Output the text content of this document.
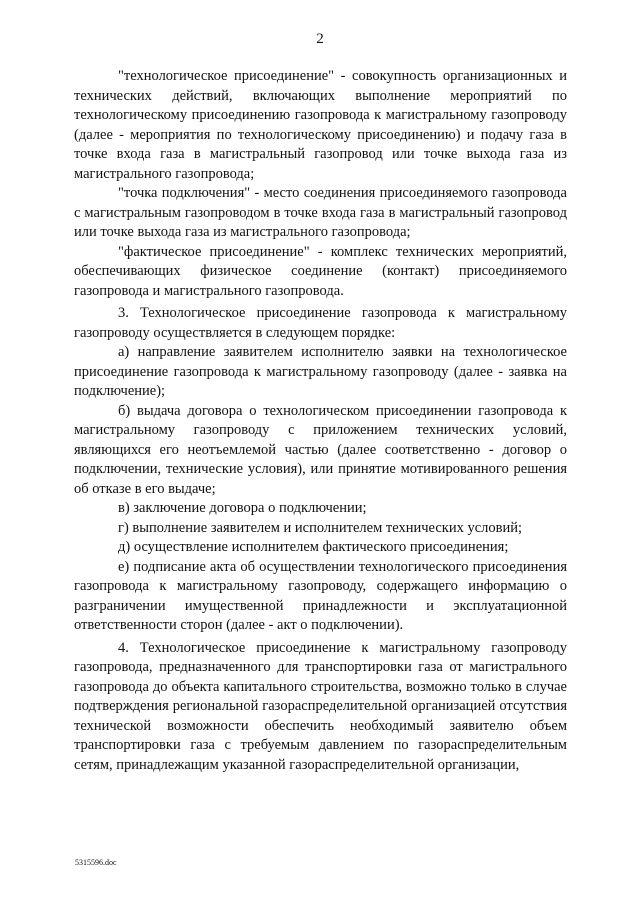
2

"технологическое присоединение" - совокупность организационных и технических действий, включающих выполнение мероприятий по технологическому присоединению газопровода к магистральному газопроводу (далее - мероприятия по технологическому присоединению) и подачу газа в точке входа газа в магистральный газопровод или точке выхода газа из магистрального газопровода;

"точка подключения" - место соединения присоединяемого газопровода с магистральным газопроводом в точке входа газа в магистральный газопровод или точке выхода газа из магистрального газопровода;

"фактическое присоединение" - комплекс технических мероприятий, обеспечивающих физическое соединение (контакт) присоединяемого газопровода и магистрального газопровода.

3. Технологическое присоединение газопровода к магистральному газопроводу осуществляется в следующем порядке:

а) направление заявителем исполнителю заявки на технологическое присоединение газопровода к магистральному газопроводу (далее - заявка на подключение);

б) выдача договора о технологическом присоединении газопровода к магистральному газопроводу с приложением технических условий, являющихся его неотъемлемой частью (далее соответственно - договор о подключении, технические условия), или принятие мотивированного решения об отказе в его выдаче;

в) заключение договора о подключении;

г) выполнение заявителем и исполнителем технических условий;

д) осуществление исполнителем фактического присоединения;

е) подписание акта об осуществлении технологического присоединения газопровода к магистральному газопроводу, содержащего информацию о разграничении имущественной принадлежности и эксплуатационной ответственности сторон (далее - акт о подключении).

4. Технологическое присоединение к магистральному газопроводу газопровода, предназначенного для транспортировки газа от магистрального газопровода до объекта капитального строительства, возможно только в случае подтверждения региональной газораспределительной организацией отсутствия технической возможности обеспечить необходимый заявителю объем транспортировки газа с требуемым давлением по газораспределительным сетям, принадлежащим указанной газораспределительной организации,

5315596.doc
